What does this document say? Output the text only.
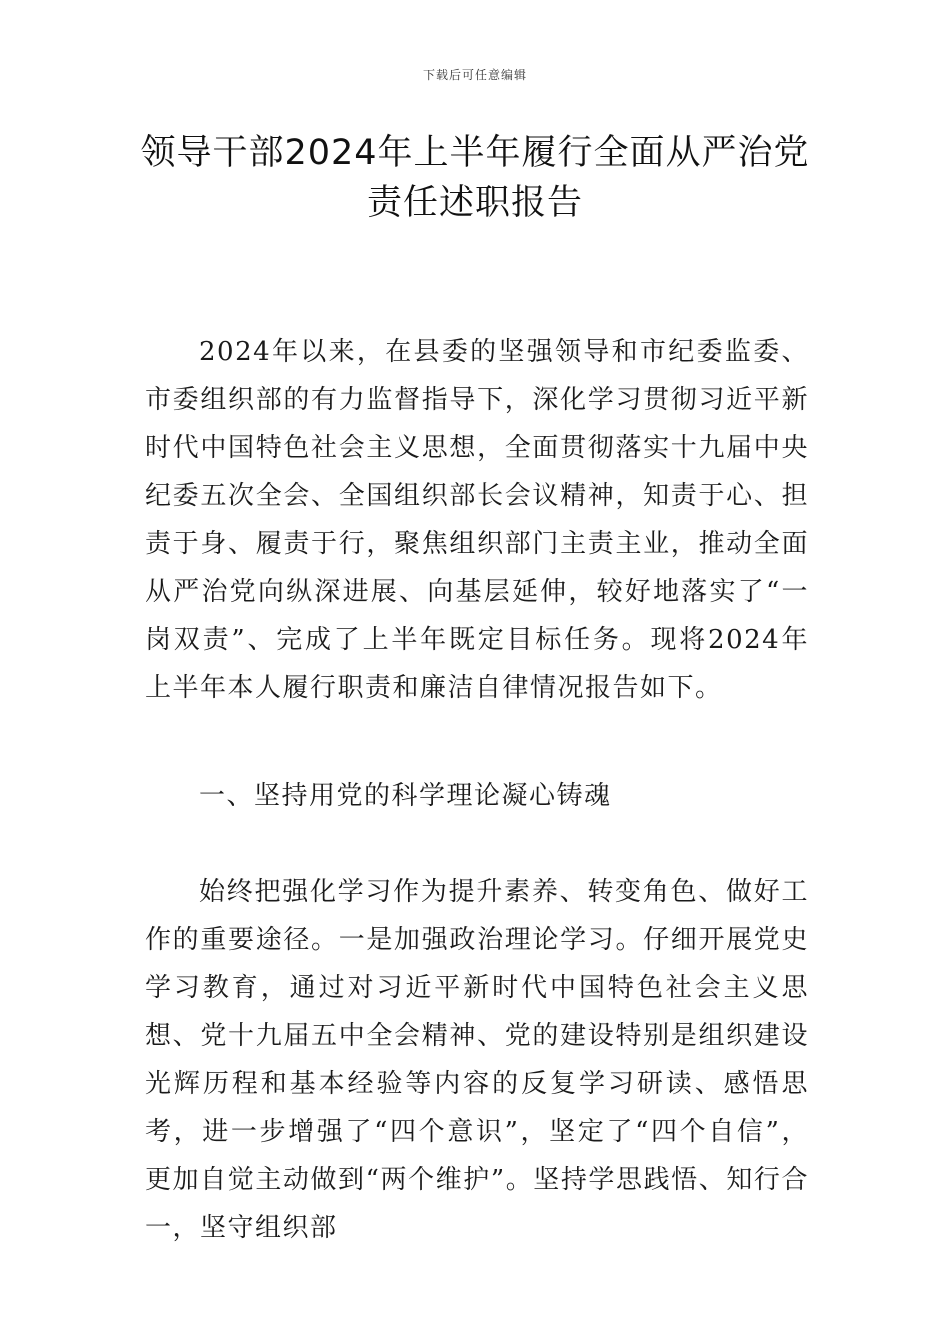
下载后可任意编辑
领导干部2024年上半年履行全面从严治党
责任述职报告

2024年以来，在县委的坚强领导和市纪委监委、市委组织部的有力监督指导下，深化学习贯彻习近平新时代中国特色社会主义思想，全面贯彻落实十九届中央纪委五次全会、全国组织部长会议精神，知责于心、担责于身、履责于行，聚焦组织部门主责主业，推动全面从严治党向纵深进展、向基层延伸，较好地落实了“一岗双责”、完成了上半年既定目标任务。现将2024年上半年本人履行职责和廉洁自律情况报告如下。

一、坚持用党的科学理论凝心铸魂

始终把强化学习作为提升素养、转变角色、做好工作的重要途径。一是加强政治理论学习。仔细开展党史学习教育，通过对习近平新时代中国特色社会主义思想、党十九届五中全会精神、党的建设特别是组织建设光辉历程和基本经验等内容的反复学习研读、感悟思考，进一步增强了“四个意识”，坚定了“四个自信”，更加自觉主动做到“两个维护”。坚持学思践悟、知行合一，坚守组织部
